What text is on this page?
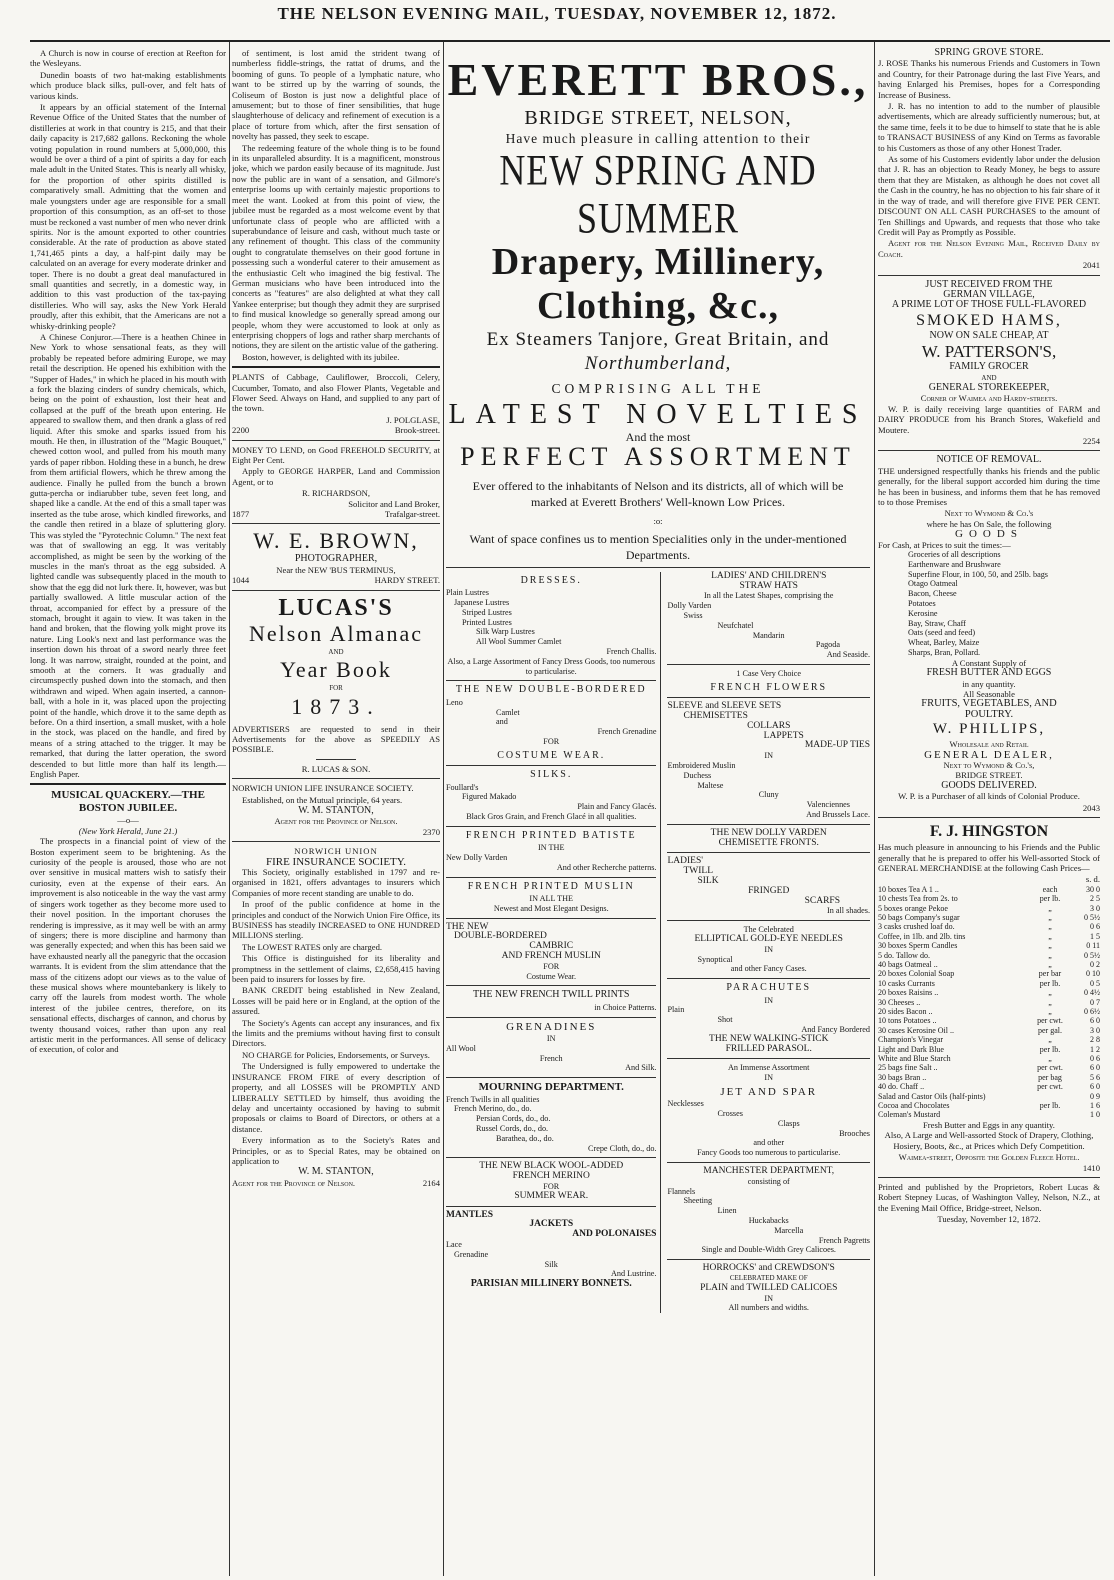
THE NELSON EVENING MAIL, TUESDAY, NOVEMBER 12, 1872.

A Church is now in course of erection at Reefton for the Wesleyans.

Dunedin boasts of two hat-making establishments which produce black silks, pull-over, and felt hats of various kinds.

It appears by an official statement of the Internal Revenue Office of the United States that the number of distilleries at work in that country is 215, and that their daily capacity is 217,682 gallons. Reckoning the whole voting population in round numbers at 5,000,000, this would be over a third of a pint of spirits a day for each male adult in the United States. This is nearly all whisky, for the proportion of other spirits distilled is comparatively small. Admitting that the women and male youngsters under age are responsible for a small proportion of this consumption, as an off-set to those must be reckoned a vast number of men who never drink spirits. Nor is the amount exported to other countries considerable. At the rate of production as above stated 1,741,465 pints a day, a half-pint daily may be calculated on an average for every moderate drinker and toper. There is no doubt a great deal manufactured in small quantities and secretly, in a domestic way, in addition to this vast production of the tax-paying distilleries. Who will say, asks the New York Herald proudly, after this exhibit, that the Americans are not a whisky-drinking people?

A Chinese Conjuror.—There is a heathen Chinee in New York to whose sensational feats, as they will probably be repeated before admiring Europe, we may retail the description. He opened his exhibition with the "Supper of Hades," in which he placed in his mouth with a fork the blazing cinders of sundry chemicals, which, being on the point of exhaustion, lost their heat and collapsed at the puff of the breath upon entering. He appeared to swallow them, and then drank a glass of red liquid. After this smoke and sparks issued from his mouth. He then, in illustration of the "Magic Bouquet," chewed cotton wool, and pulled from his mouth many yards of paper ribbon. Holding these in a bunch, he drew from them artificial flowers, which he threw among the audience. Finally he pulled from the bunch a brown gutta-percha or indiarubber tube, seven feet long, and shaped like a candle. At the end of this a small taper was inserted as the tube arose, which kindled fireworks, and the candle then retired in a blaze of spluttering glory. This was styled the "Pyrotechnic Column." The next feat was that of swallowing an egg. It was veritably accomplished, as might be seen by the working of the muscles in the man's throat as the egg subsided. A lighted candle was subsequently placed in the mouth to show that the egg did not lurk there. It, however, was but partially swallowed. A little muscular action of the throat, accompanied for effect by a pressure of the stomach, brought it again to view. It was taken in the hand and broken, that the flowing yolk might prove its nature. Ling Look's next and last performance was the insertion down his throat of a sword nearly three feet long. It was narrow, straight, rounded at the point, and smooth at the corners. It was gradually and circumspectly pushed down into the stomach, and then withdrawn and wiped. When again inserted, a cannon-ball, with a hole in it, was placed upon the projecting point of the handle, which drove it to the same depth as before. On a third insertion, a small musket, with a hole in the stock, was placed on the handle, and fired by means of a string attached to the trigger. It may be remarked, that during the latter operation, the sword descended to but little more than half its length.—English Paper.

MUSICAL QUACKERY.—THE BOSTON JUBILEE.
—o—
(New York Herald, June 21.)

The prospects in a financial point of view of the Boston experiment seem to be brightening. As the curiosity of the people is aroused, those who are not over sensitive in musical matters wish to satisfy their curiosity, even at the expense of their ears. An improvement is also noticeable in the way the vast army of singers work together as they become more used to their novel position. In the important choruses the rendering is impressive, as it may well be with an army of singers; there is more discipline and harmony than was generally expected; and when this has been said we have exhausted nearly all the panegyric that the occasion warrants. It is evident from the slim attendance that the mass of the citizens adopt our views as to the value of these musical shows where mountebankery is likely to carry off the laurels from modest worth. The whole interest of the jubilee centres, therefore, on its sensational effects, discharges of cannon, and chorus by twenty thousand voices, rather than upon any real artistic merit in the performances. All sense of delicacy of execution, of color and

of sentiment, is lost amid the strident twang of numberless fiddle-strings, the rattat of drums, and the booming of guns. To people of a lymphatic nature, who want to be stirred up by the warring of sounds, the Coliseum of Boston is just now a delightful place of amusement; but to those of finer sensibilities, that huge slaughterhouse of delicacy and refinement of execution is a place of torture from which, after the first sensation of novelty has passed, they seek to escape.

The redeeming feature of the whole thing is to be found in its unparalleled absurdity. It is a magnificent, monstrous joke, which we pardon easily because of its magnitude. Just now the public are in want of a sensation, and Gilmore's enterprise looms up with certainly majestic proportions to meet the want. Looked at from this point of view, the jubilee must be regarded as a most welcome event by that unfortunate class of people who are afflicted with a superabundance of leisure and cash, without much taste or any refinement of thought. This class of the community ought to congratulate themselves on their good fortune in possessing such a wonderful caterer to their amusement as the enthusiastic Celt who imagined the big festival. The German musicians who have been introduced into the concerts as "features" are also delighted at what they call Yankee enterprise; but though they admit they are surprised to find musical knowledge so generally spread among our people, whom they were accustomed to look at only as enterprising choppers of logs and rather sharp merchants of notions, they are silent on the artistic value of the gathering.

Boston, however, is delighted with its jubilee.

PLANTS of Cabbage, Cauliflower, Broccoli, Celery, Cucumber, Tomato, and also Flower Plants, Vegetable and Flower Seed. Always on Hand, and supplied to any part of the town.

J. POLGLASE,
2200	Brook-street.

MONEY TO LEND, on Good FREEHOLD SECURITY, at Eight Per Cent.

Apply to GEORGE HARPER, Land and Commission Agent, or to

R. RICHARDSON,
Solicitor and Land Broker,
1877	Trafalgar-street.
W. E. BROWN,
PHOTOGRAPHER,
Near the NEW 'BUS TERMINUS,
1044	HARDY STREET.
LUCAS'S
Nelson Almanac
AND
Year Book
FOR
1873.

ADVERTISERS are requested to send in their Advertisements for the above as SPEEDILY AS POSSIBLE.

R. LUCAS & SON.

NORWICH UNION LIFE INSURANCE SOCIETY.

Established, on the Mutual principle, 64 years.

W. M. STANTON,
Agent for the Province of Nelson.
2370
NORWICH UNION
FIRE INSURANCE SOCIETY.

This Society, originally established in 1797 and re-organised in 1821, offers advantages to insurers which Companies of more recent standing are unable to do.

In proof of the public confidence at home in the principles and conduct of the Norwich Union Fire Office, its BUSINESS has steadily INCREASED to ONE HUNDRED MILLIONS sterling.

The LOWEST RATES only are charged.

This Office is distinguished for its liberality and promptness in the settlement of claims, £2,658,415 having been paid to insurers for losses by fire.

BANK CREDIT being established in New Zealand, Losses will be paid here or in England, at the option of the assured.

The Society's Agents can accept any insurances, and fix the limits and the premiums without having first to consult Directors.

NO CHARGE for Policies, Endorsements, or Surveys.

The Undersigned is fully empowered to undertake the INSURANCE FROM FIRE of every description of property, and all LOSSES will be PROMPTLY AND LIBERALLY SETTLED by himself, thus avoiding the delay and uncertainty occasioned by having to submit proposals or claims to Board of Directors, or others at a distance.

Every information as to the Society's Rates and Principles, or as to Special Rates, may be obtained on application to

W. M. STANTON,
Agent for the Province of Nelson.	2164
EVERETT BROS.,
BRIDGE STREET, NELSON,
Have much pleasure in calling attention to their
NEW SPRING AND SUMMER
Drapery, Millinery,
Clothing, &c.,
Ex Steamers Tanjore, Great Britain, and
Northumberland,
COMPRISING ALL THE
LATEST NOVELTIES
And the most
PERFECT ASSORTMENT
Ever offered to the inhabitants of Nelson and its districts, all of which will be marked at Everett Brothers' Well-known Low Prices.
:o:
Want of space confines us to mention Specialities only in the under-mentioned Departments.
DRESSES.
Plain Lustres
Japanese Lustres
Striped Lustres
Printed Lustres
Silk Warp Lustres
All Wool Summer Camlet
French Challis.
Also, a Large Assortment of Fancy Dress Goods, too numerous to particularise.
THE NEW DOUBLE-BORDERED
Leno
Camlet
and
French Grenadine
FOR
COSTUME WEAR.
SILKS.
Foullard's
Figured Makado
Plain and Fancy Glacés.
Black Gros Grain, and French Glacé in all qualities.
FRENCH PRINTED BATISTE
IN THE
New Dolly Varden
And other Recherche patterns.
FRENCH PRINTED MUSLIN
IN ALL THE
Newest and Most Elegant Designs.
THE NEW
DOUBLE-BORDERED
CAMBRIC
AND FRENCH MUSLIN
FOR
Costume Wear.
THE NEW FRENCH TWILL PRINTS
in Choice Patterns.
GRENADINES
IN
All Wool
French
And Silk.
MOURNING DEPARTMENT.
French Twills in all qualities
French Merino, do., do.
Persian Cords, do., do.
Russel Cords, do., do.
Barathea, do., do.
Crepe Cloth, do., do.
THE NEW BLACK WOOL-ADDED
FRENCH MERINO
FOR
SUMMER WEAR.
MANTLES
JACKETS
AND POLONAISES
Lace
Grenadine
Silk
And Lustrine.
PARISIAN MILLINERY BONNETS.
LADIES' AND CHILDREN'S
STRAW HATS
In all the Latest Shapes, comprising the
Dolly Varden
Swiss
Neufchatel
Mandarin
Pagoda
And Seaside.
1 Case Very Choice
FRENCH FLOWERS
SLEEVE and SLEEVE SETS
CHEMISETTES
COLLARS
LAPPETS
MADE-UP TIES
IN
Embroidered Muslin
Duchess
Maltese
Cluny
Valenciennes
And Brussels Lace.
THE NEW DOLLY VARDEN
CHEMISETTE FRONTS.
LADIES'
TWILL
SILK
FRINGED
SCARFS
In all shades.
The Celebrated
ELLIPTICAL GOLD-EYE NEEDLES
IN
Synoptical
and other Fancy Cases.
PARACHUTES
IN
Plain
Shot
And Fancy Bordered
THE NEW WALKING-STICK
FRILLED PARASOL.
An Immense Assortment
IN
JET AND SPAR
Necklesses
Crosses
Clasps
Brooches
and other
Fancy Goods too numerous to particularise.
MANCHESTER DEPARTMENT,
consisting of
Flannels
Sheeting
Linen
Huckabacks
Marcella
French Pagretts
Single and Double-Width Grey Calicoes.
HORROCKS' and CREWDSON'S
CELEBRATED MAKE OF
PLAIN and TWILLED CALICOES
IN
All numbers and widths.
SPRING GROVE STORE.

J. ROSE Thanks his numerous Friends and Customers in Town and Country, for their Patronage during the last Five Years, and having Enlarged his Premises, hopes for a Corresponding Increase of Business.

J. R. has no intention to add to the number of plausible advertisements, which are already sufficiently numerous; but, at the same time, feels it to be due to himself to state that he is able to TRANSACT BUSINESS of any Kind on Terms as favorable to his Customers as those of any other Honest Trader.

As some of his Customers evidently labor under the delusion that J. R. has an objection to Ready Money, he begs to assure them that they are Mistaken, as although he does not covet all the Cash in the country, he has no objection to his fair share of it in the way of trade, and will therefore give FIVE PER CENT. DISCOUNT ON ALL CASH PURCHASES to the amount of Ten Shillings and Upwards, and requests that those who take Credit will Pay as Promptly as Possible.

Agent for the Nelson Evening Mail, Received Daily by Coach.

2041
JUST RECEIVED FROM THE
GERMAN VILLAGE,
A PRIME LOT OF THOSE FULL-FLAVORED
SMOKED HAMS,
NOW ON SALE CHEAP, AT
W. PATTERSON'S,
FAMILY GROCER
AND
GENERAL STOREKEEPER,
Corner of Waimea and Hardy-streets.

W. P. is daily receiving large quantities of FARM and DAIRY PRODUCE from his Branch Stores, Wakefield and Moutere.

2254
NOTICE OF REMOVAL.

THE undersigned respectfully thanks his friends and the public generally, for the liberal support accorded him during the time he has been in business, and informs them that he has removed to to those Premises

Next to Wymond & Co.'s
where he has On Sale, the following
GOODS
For Cash, at Prices to suit the times:—
Groceries of all descriptions
Earthenware and Brushware
Superfine Flour, in 100, 50, and 25lb. bags
Otago Oatmeal
Bacon, Cheese
Potatoes
Kerosine
Bay, Straw, Chaff
Oats (seed and feed)
Wheat, Barley, Maize
Sharps, Bran, Pollard.
A Constant Supply of
FRESH BUTTER AND EGGS
in any quantity.
All Seasonable
FRUITS, VEGETABLES, AND
POULTRY.
W. PHILLIPS,
Wholesale and Retail
GENERAL DEALER,
Next to Wymond & Co.'s,
BRIDGE STREET.
GOODS DELIVERED.

W. P. is a Purchaser of all kinds of Colonial Produce.

2043
F. J. HINGSTON

Has much pleasure in announcing to his Friends and the Public generally that he is prepared to offer his Well-assorted Stock of GENERAL MERCHANDISE at the following Cash Prices—

s. d.
10 boxes Tea A 1 ..	each	30 0
10 chests Tea from 2s. to	per lb.	2 5
5 boxes orange Pekoe	„	3 0
50 bags Company's sugar	„	0 5½
3 casks crushed loaf do.	„	0 6
Coffee, in 1lb. and 2lb. tins	„	1 5
30 boxes Sperm Candles	„	0 11
5 do. Tallow do.	„	0 5½
40 bags Oatmeal ..	„	0 2
20 boxes Colonial Soap	per bar	0 10
10 casks Currants	per lb.	0 5
20 boxes Raisins ..	„	0 4½
30 Cheeses ..	„	0 7
20 sides Bacon ..	„	0 6½
10 tons Potatoes ..	per cwt.	6 0
30 cases Kerosine Oil ..	per gal.	3 0
Champion's Vinegar	„	2 8
Light and Dark Blue	per lb.	1 2
White and Blue Starch	„	0 6
25 bags fine Salt ..	per cwt.	6 0
30 bags Bran ..	per bag	5 6
40 do. Chaff ..	per cwt.	6 0
Salad and Castor Oils (half-pints)	0 9
Cocoa and Chocolates	per lb.	1 6
Coleman's Mustard	1 0
Fresh Butter and Eggs in any quantity.

Also, A Large and Well-assorted Stock of Drapery, Clothing, Hosiery, Boots, &c., at Prices which Defy Competition.

Waimea-street, Opposite the Golden Fleece Hotel.
1410

Printed and published by the Proprietors, Robert Lucas & Robert Stepney Lucas, of Washington Valley, Nelson, N.Z., at the Evening Mail Office, Bridge-street, Nelson.

Tuesday, November 12, 1872.
